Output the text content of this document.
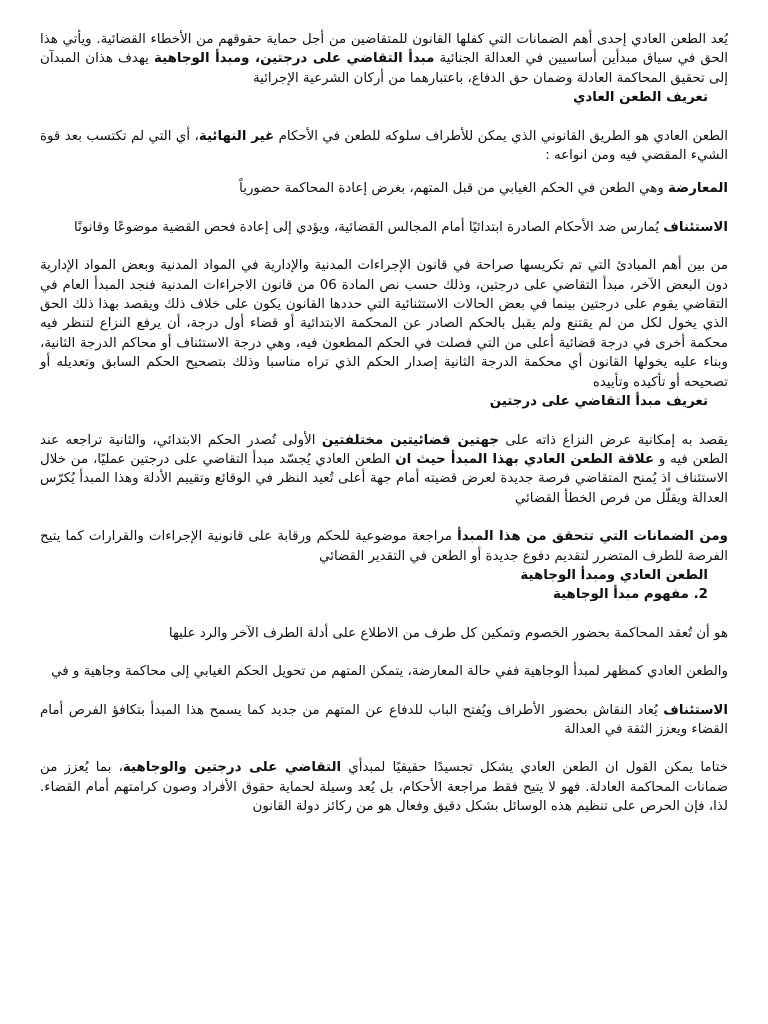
يُعد الطعن العادي إحدى أهم الضمانات التي كفلها القانون للمتقاضين من أجل حماية حقوقهم من الأخطاء القضائية. ويأتي هذا الحق في سياق مبدأين أساسيين في العدالة الجنائية مبدأ التقاضي على درجتين، ومبدأ الوجاهية يهدف هذان المبدآن إلى تحقيق المحاكمة العادلة وضمان حق الدفاع، باعتبارهما من أركان الشرعية الإجرائية

تعريف الطعن العادي

الطعن العادي هو الطريق القانوني الذي يمكن للأطراف سلوكه للطعن في الأحكام غير النهائية، أي التي لم تكتسب بعد قوة الشيء المقضي فيه ومن انواعه :

المعارضة وهي الطعن في الحكم الغيابي من قبل المتهم، بغرض إعادة المحاكمة حضورياً

الاستئناف يُمارس ضد الأحكام الصادرة ابتدائيًا أمام المجالس القضائية، ويؤدي إلى إعادة فحص القضية موضوعًا وقانونًا

من بين أهم المبادئ التي تم تكريسها صراحة في قانون الإجراءات المدنية والإدارية في المواد المدنية وبعض المواد الإدارية دون البعض الآخر، مبدأ التقاضي على درجتين، وذلك حسب نص المادة 06 من قانون الاجراءات المدنية فنجد المبدأ العام في التقاضي يقوم على درجتين بينما في بعض الحالات الاستثنائية التي حددها القانون يكون على خلاف ذلك ويقصد بهذا ذلك الحق الذي يخول لكل من لم يقتنع ولم يقبل بالحكم الصادر عن المحكمة الابتدائية أو قضاء أول درجة، أن يرفع النزاع لتنظر فيه محكمة أخرى في درجة قضائية أعلى من التي فصلت في الحكم المطعون فيه، وهي درجة الاستئناف أو محاكم الدرجة الثانية، وبناء عليه يخولها القانون أي محكمة الدرجة الثانية إصدار الحكم الذي تراه مناسبا وذلك بتصحيح الحكم السابق وتعديله أو تصحيحه أو تأكيده وتأييده

تعريف مبدأ التقاضي على درجتين

يقصد به إمكانية عرض النزاع ذاته على جهتين قضائيتين مختلفتين الأولى تُصدر الحكم الابتدائي، والثانية تراجعه عند الطعن فيه و علاقة الطعن العادي بهذا المبدأ حيث ان الطعن العادي يُجسّد مبدأ التقاضي على درجتين عمليًا، من خلال الاستئناف اذ يُمنح المتقاضي فرصة جديدة لعرض قضيته أمام جهة أعلى تُعيد النظر في الوقائع وتقييم الأدلة وهذا المبدأ يُكرّس العدالة ويقلّل من فرص الخطأ القضائي

ومن الضمانات التي تتحقق من هذا المبدأ مراجعة موضوعية للحكم ورقابة على قانونية الإجراءات والقرارات كما يتيح الفرصة للطرف المتضرر لتقديم دفوع جديدة أو الطعن في التقدير القضائي

الطعن العادي ومبدأ الوجاهية

2. مفهوم مبدأ الوجاهية

هو أن تُعقد المحاكمة بحضور الخصوم وتمكين كل طرف من الاطلاع على أدلة الطرف الآخر والرد عليها

والطعن العادي كمظهر لمبدأ الوجاهية ففي حالة المعارضة، يتمكن المتهم من تحويل الحكم الغيابي إلى محاكمة وجاهية و في

الاستئناف يُعاد النقاش بحضور الأطراف ويُفتح الباب للدفاع عن المتهم من جديد كما يسمح هذا المبدأ بتكافؤ الفرص أمام القضاء ويعزز الثقة في العدالة

ختاما يمكن القول ان الطعن العادي يشكل تجسيدًا حقيقيًا لمبدأي التقاضي على درجتين والوجاهية، بما يُعزز من ضمانات المحاكمة العادلة. فهو لا يتيح فقط مراجعة الأحكام، بل يُعد وسيلة لحماية حقوق الأفراد وصون كرامتهم أمام القضاء. لذا، فإن الحرص على تنظيم هذه الوسائل بشكل دقيق وفعال هو من ركائز دولة القانون
